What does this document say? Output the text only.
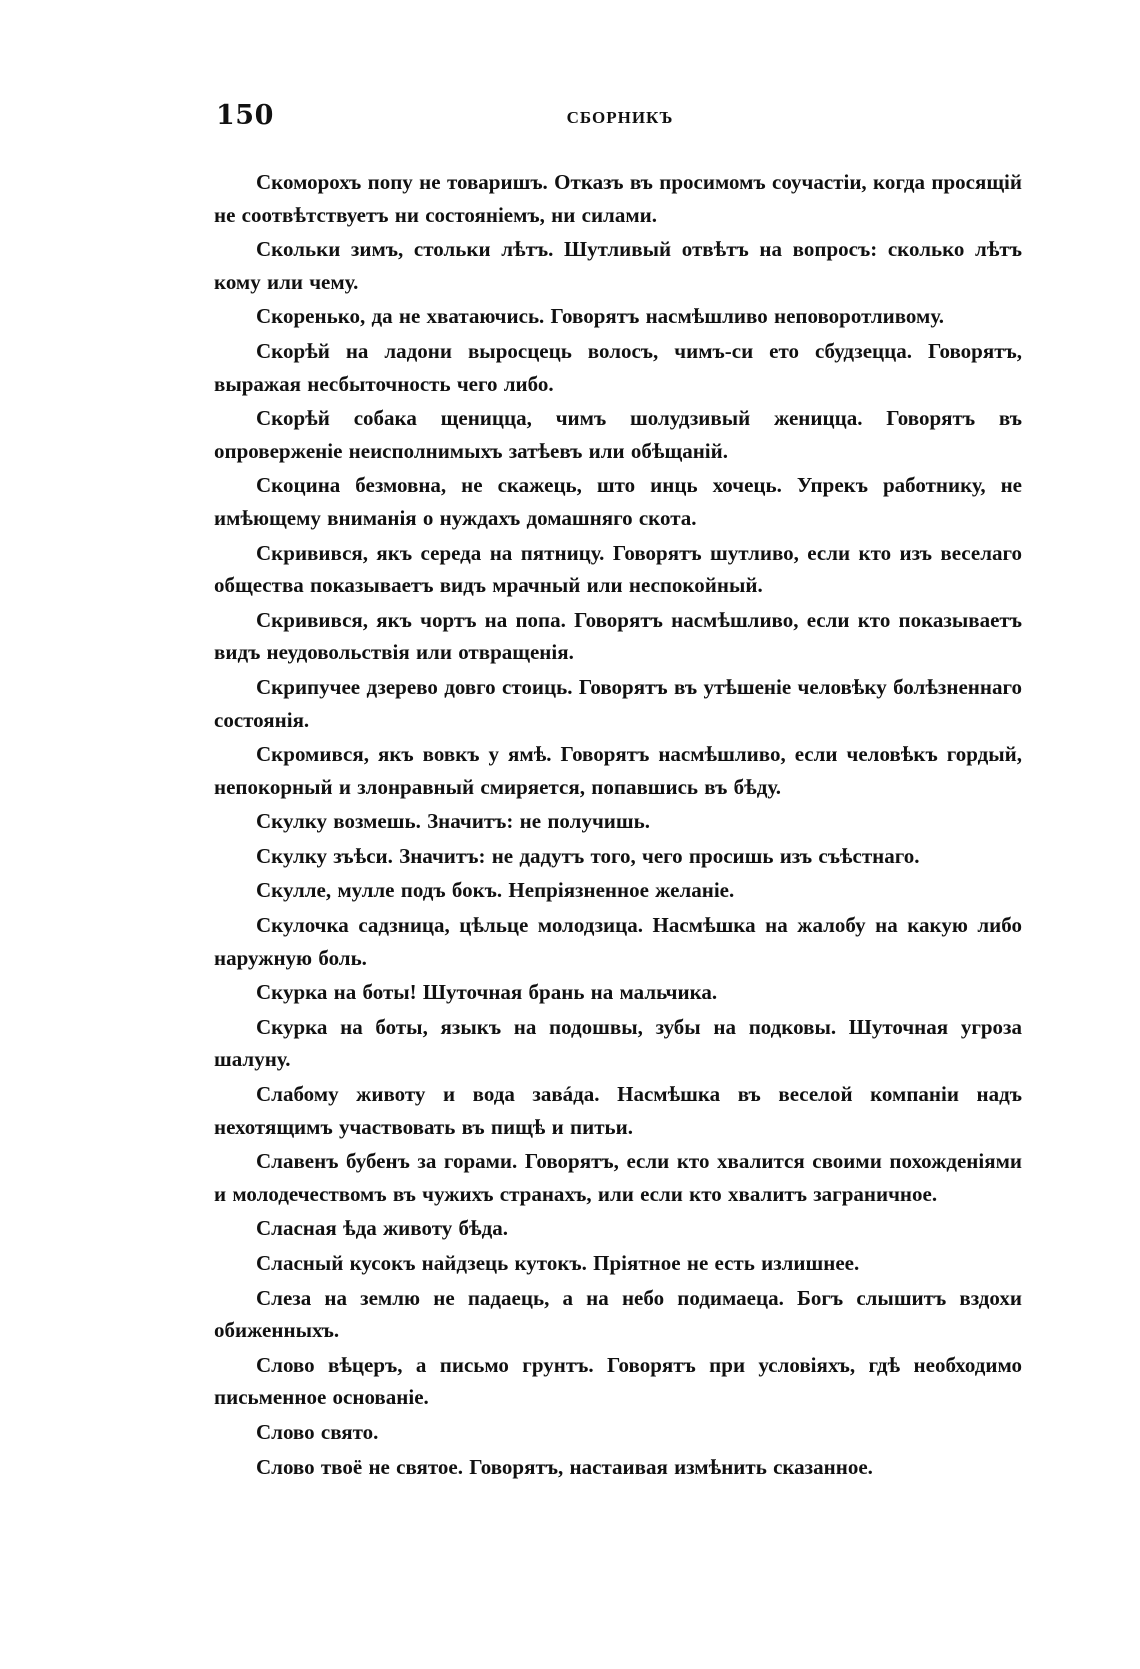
150	СБОРНИКЪ

Скоморохъ попу не товаришъ. Отказъ въ просимомъ соучастіи, когда просящій не соотвѣтствуетъ ни состояніемъ, ни силами.

Скольки зимъ, стольки лѣтъ. Шутливый отвѣтъ на вопросъ: сколько лѣтъ кому или чему.

Скоренько, да не хватаючись. Говорятъ насмѣшливо неповоротливому.

Скорѣй на ладони выросцець волосъ, чимъ-си ето сбудзеццa. Говорятъ, выражая несбыточность чего либо.

Скорѣй собака щениццa, чимъ шолудзивый женицца. Говорятъ въ опровержeніе неисполнимыхъ затѣевъ или обѣщаній.

Скоцина безмовна, не скажець, што инць хочець. Упрекъ работнику, не имѣющему вниманія о нуждахъ домашняго скота.

Скривився, якъ середа на пятницу. Говорятъ шутливо, если кто изъ веселаго общества показываетъ видъ мрачный или неспокойный.

Скривився, якъ чортъ на попа. Говорятъ насмѣшливо, если кто показываетъ видъ неудовольствія или отвращенія.

Скрипучее дзерево довго стоиць. Говорятъ въ утѣшеніе человѣку болѣзненнаго состоянія.

Скромився, якъ вовкъ у ямѣ. Говорятъ насмѣшливо, если человѣкъ гордый, непокорный и злонравный смиряется, попавшись въ бѣду.

Скулку возмешь. Значитъ: не получишь.

Скулку зъѣси. Значитъ: не дадутъ того, чего просишь изъ съѣстнаго.

Скулле, мулле подъ бокъ. Непріязненное желаніе.

Скулочка садзницa, цѣльце молодзицa. Насмѣшка на жалобу на какую либо наружную боль.

Скурка на боты! Шуточная брань на мальчика.

Скурка на боты, языкъ на подошвы, зубы на подковы. Шуточная угроза шалуну.

Слабому животу и вода завáда. Насмѣшка въ веселой компаніи надъ нехотящимъ участвовать въ пищѣ и питьи.

Славенъ бубенъ за горами. Говорятъ, если кто хвалится своими похожденіями и молодечествомъ въ чужихъ странахъ, или если кто хвалитъ заграничное.

Сласная ѣда животу бѣда.

Сласный кусокъ найдзець кутокъ. Пріятное не есть излишнее.

Слеза на землю не падаець, а на небо подимаецa. Богъ слышитъ вздохи обиженныхъ.

Слово вѣцеръ, а письмо грунтъ. Говорятъ при условіяхъ, гдѣ необходимо письменное основаніе.

Слово свято.

Слово твоё не святое. Говорятъ, настаивая измѣнить сказанное.
